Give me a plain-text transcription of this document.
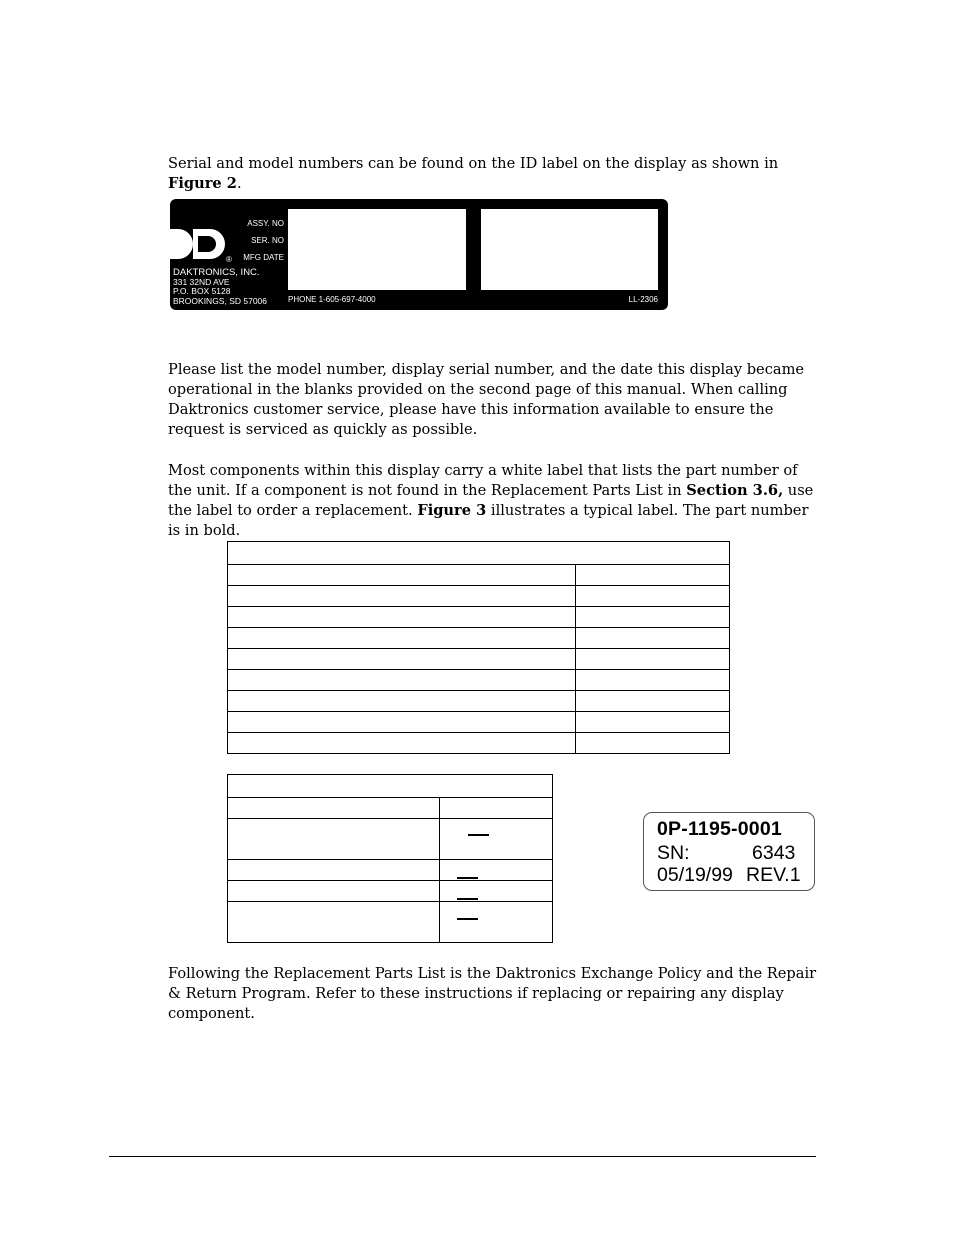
Serial and model numbers can be found on the ID label on the display as shown in Figure 2.

®
ASSY. NO
SER. NO
MFG DATE
DAKTRONICS, INC.
331 32ND AVE
P.O. BOX 5128
BROOKINGS, SD 57006	PHONE 1-605-697-4000	LL-2306

Please list the model number, display serial number, and the date this display became operational in the blanks provided on the second page of this manual. When calling Daktronics customer service, please have this information available to ensure the request is serviced as quickly as possible.

Most components within this display carry a white label that lists the part number of the unit. If a component is not found in the Replacement Parts List in Section 3.6, use the label to order a replacement. Figure 3 illustrates a typical label. The part number is in bold.

0P-1195-0001
SN:	6343
05/19/99 REV.1

Following the Replacement Parts List is the Daktronics Exchange Policy and the Repair & Return Program. Refer to these instructions if replacing or repairing any display component.
